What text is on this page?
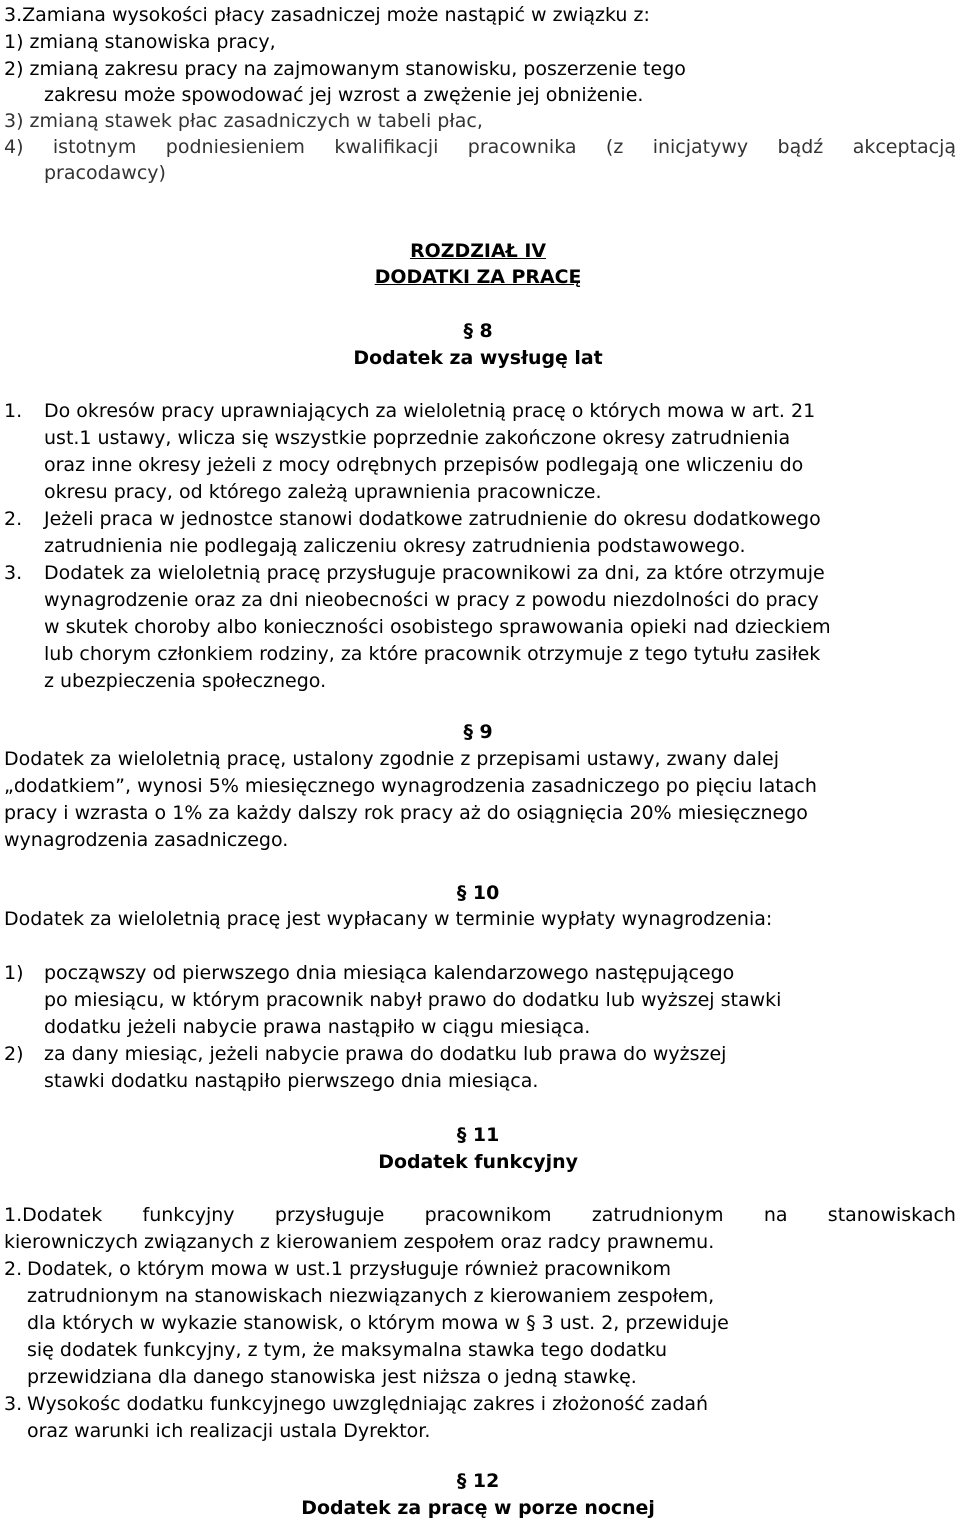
3.Zamiana wysokości płacy zasadniczej może nastąpić w związku z:
1) zmianą stanowiska pracy,
2) zmianą zakresu pracy na zajmowanym stanowisku, poszerzenie tego
zakresu może spowodować jej wzrost a zwężenie jej obniżenie.
3) zmianą stawek płac zasadniczych w tabeli płac,
4) istotnym podniesieniem kwalifikacji pracownika (z inicjatywy bądź akceptacją
pracodawcy)
ROZDZIAŁ IV
DODATKI ZA PRACĘ
§ 8
Dodatek za wysługę lat
1. Do okresów pracy uprawniających za wieloletnią pracę o których mowa w art. 21
ust.1 ustawy, wlicza się wszystkie poprzednie zakończone okresy zatrudnienia
oraz inne okresy jeżeli z mocy odrębnych przepisów podlegają one wliczeniu do
okresu pracy, od którego zależą uprawnienia pracownicze.
2. Jeżeli praca w jednostce stanowi dodatkowe zatrudnienie do okresu dodatkowego
zatrudnienia nie podlegają zaliczeniu okresy zatrudnienia podstawowego.
3. Dodatek za wieloletnią pracę przysługuje pracownikowi za dni, za które otrzymuje
wynagrodzenie oraz za dni nieobecności w pracy z powodu niezdolności do pracy
w skutek choroby albo konieczności osobistego sprawowania opieki nad dzieckiem
lub chorym członkiem rodziny, za które pracownik otrzymuje z tego tytułu zasiłek
z ubezpieczenia społecznego.
§ 9
Dodatek za wieloletnią pracę, ustalony zgodnie z przepisami ustawy, zwany dalej
„dodatkiem”, wynosi 5% miesięcznego wynagrodzenia zasadniczego po pięciu latach
pracy i wzrasta o 1% za każdy dalszy rok pracy aż do osiągnięcia 20% miesięcznego
wynagrodzenia zasadniczego.
§ 10
Dodatek za wieloletnią pracę jest wypłacany w terminie wypłaty wynagrodzenia:
1) począwszy od pierwszego dnia miesiąca kalendarzowego następującego
po miesiącu, w którym pracownik nabył prawo do dodatku lub wyższej stawki
dodatku jeżeli nabycie prawa nastąpiło w ciągu miesiąca.
2) za dany miesiąc, jeżeli nabycie prawa do dodatku lub prawa do wyższej
stawki dodatku nastąpiło pierwszego dnia miesiąca.
§ 11
Dodatek funkcyjny
1.Dodatek funkcyjny przysługuje pracownikom zatrudnionym na stanowiskach
kierowniczych związanych z kierowaniem zespołem oraz radcy prawnemu.
2. Dodatek, o którym mowa w ust.1 przysługuje również pracownikom
zatrudnionym na stanowiskach niezwiązanych z kierowaniem zespołem,
dla których w wykazie stanowisk, o którym mowa w § 3 ust. 2, przewiduje
się dodatek funkcyjny, z tym, że maksymalna stawka tego dodatku
przewidziana dla danego stanowiska jest niższa o jedną stawkę.
3. Wysokośc dodatku funkcyjnego uwzględniając zakres i złożoność zadań
oraz warunki ich realizacji ustala Dyrektor.
§ 12
Dodatek za pracę w porze nocnej
